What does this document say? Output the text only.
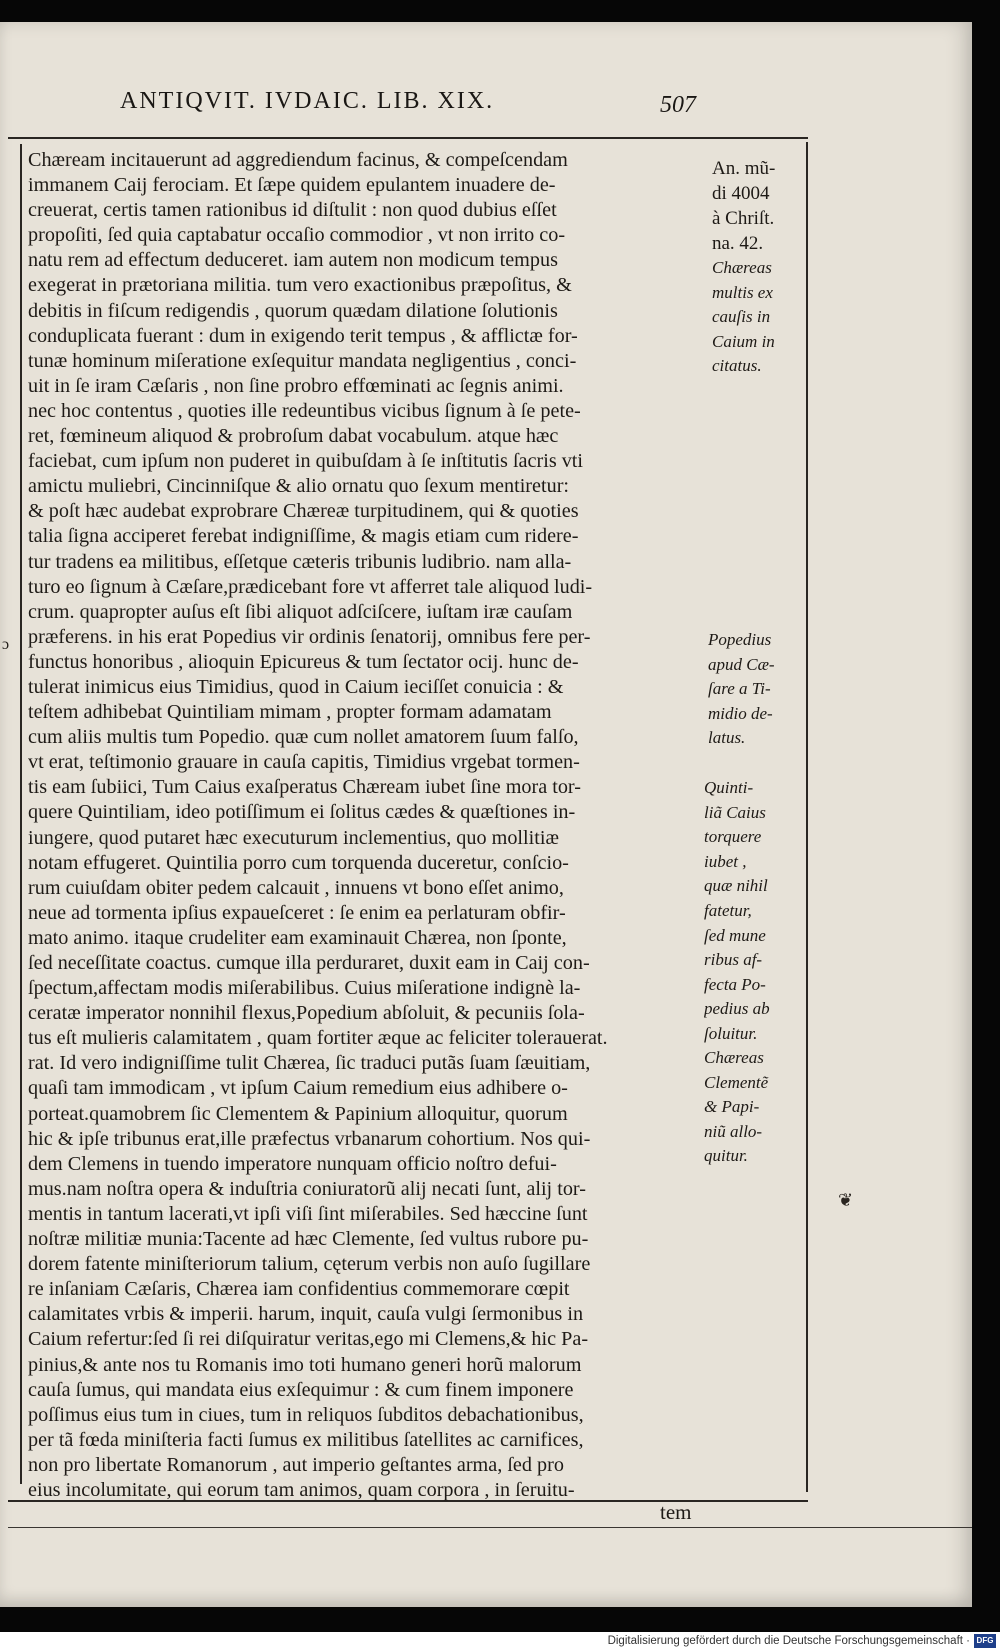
ɔ
❦
ANTIQVIT. IVDAIC. LIB. XIX.	507
Chæream incitauerunt ad aggrediendum facinus, & compeſcendam
immanem Caij ferociam. Et ſæpe quidem epulantem inuadere de-
creuerat, certis tamen rationibus id diſtulit : non quod dubius eſſet
propoſiti, ſed quia captabatur occaſio commodior , vt non irrito co-
natu rem ad effectum deduceret. iam autem non modicum tempus
exegerat in prætoriana militia. tum vero exactionibus præpoſitus, &
debitis in fiſcum redigendis , quorum quædam dilatione ſolutionis
conduplicata fuerant : dum in exigendo terit tempus , & afflictæ for-
tunæ hominum miſeratione exſequitur mandata negligentius , conci-
uit in ſe iram Cæſaris , non ſine probro effœminati ac ſegnis animi.
nec hoc contentus , quoties ille redeuntibus vicibus ſignum à ſe pete-
ret, fœmineum aliquod & probroſum dabat vocabulum. atque hæc
faciebat, cum ipſum non puderet in quibuſdam à ſe inſtitutis ſacris vti
amictu muliebri, Cincinniſque & alio ornatu quo ſexum mentiretur:
& poſt hæc audebat exprobrare Chæreæ turpitudinem, qui & quoties
talia ſigna acciperet ferebat indigniſſime, & magis etiam cum ridere-
tur tradens ea militibus, eſſetque cæteris tribunis ludibrio. nam alla-
turo eo ſignum à Cæſare,prædicebant fore vt afferret tale aliquod ludi-
crum. quapropter auſus eſt ſibi aliquot adſciſcere, iuſtam iræ cauſam
præferens. in his erat Popedius vir ordinis ſenatorij, omnibus fere per-
functus honoribus , alioquin Epicureus & tum ſectator ocij. hunc de-
tulerat inimicus eius Timidius, quod in Caium ieciſſet conuicia : &
teſtem adhibebat Quintiliam mimam , propter formam adamatam
cum aliis multis tum Popedio. quæ cum nollet amatorem ſuum falſo,
vt erat, teſtimonio grauare in cauſa capitis, Timidius vrgebat tormen-
tis eam ſubiici, Tum Caius exaſperatus Chæream iubet ſine mora tor-
quere Quintiliam, ideo potiſſimum ei ſolitus cædes & quæſtiones in-
iungere, quod putaret hæc executurum inclementius, quo mollitiæ
notam effugeret. Quintilia porro cum torquenda duceretur, conſcio-
rum cuiuſdam obiter pedem calcauit , innuens vt bono eſſet animo,
neue ad tormenta ipſius expaueſceret : ſe enim ea perlaturam obfir-
mato animo. itaque crudeliter eam examinauit Chærea, non ſponte,
ſed neceſſitate coactus. cumque illa perduraret, duxit eam in Caij con-
ſpectum,affectam modis miſerabilibus. Cuius miſeratione indignè la-
ceratæ imperator nonnihil flexus,Popedium abſoluit, & pecuniis ſola-
tus eſt mulieris calamitatem , quam fortiter æque ac feliciter tolerauerat.
rat. Id vero indigniſſime tulit Chærea, ſic traduci putãs ſuam ſæuitiam,
quaſi tam immodicam , vt ipſum Caium remedium eius adhibere o-
porteat.quamobrem ſic Clementem & Papinium alloquitur, quorum
hic & ipſe tribunus erat,ille præfectus vrbanarum cohortium. Nos qui-
dem Clemens in tuendo imperatore nunquam officio noſtro defui-
mus.nam noſtra opera & induſtria coniuratorũ alij necati ſunt, alij tor-
mentis in tantum lacerati,vt ipſi viſi ſint miſerabiles. Sed hæccine ſunt
noſtræ militiæ munia:Tacente ad hæc Clemente, ſed vultus rubore pu-
dorem fatente miniſteriorum talium, cęterum verbis non auſo ſugillare
re inſaniam Cæſaris, Chærea iam confidentius commemorare cœpit
calamitates vrbis & imperii. harum, inquit, cauſa vulgi ſermonibus in
Caium refertur:ſed ſi rei diſquiratur veritas,ego mi Clemens,& hic Pa-
pinius,& ante nos tu Romanis imo toti humano generi horũ malorum
cauſa ſumus, qui mandata eius exſequimur : & cum finem imponere
poſſimus eius tum in ciues, tum in reliquos ſubditos debachationibus,
per tã fœda miniſteria facti ſumus ex militibus ſatellites ac carnifices,
non pro libertate Romanorum , aut imperio geſtantes arma, ſed pro
eius incolumitate, qui eorum tam animos, quam corpora , in ſeruitu-
An. mũ-
di 4004
à Chriſt.
na. 42.
Chæreas
multis ex
cauſis in
Caium in
citatus.
Popedius
apud Cæ-
ſare a Ti-
midio de-
latus.
Quinti-
liã Caius
torquere
iubet ,
quæ nihil
fatetur,
ſed mune
ribus af-
fecta Po-
pedius ab
ſoluitur.
Chæreas
Clementẽ
& Papi-
niũ allo-
quitur.
tem
Digitalisierung gefördert durch die Deutsche Forschungsgemeinschaft · DFG
